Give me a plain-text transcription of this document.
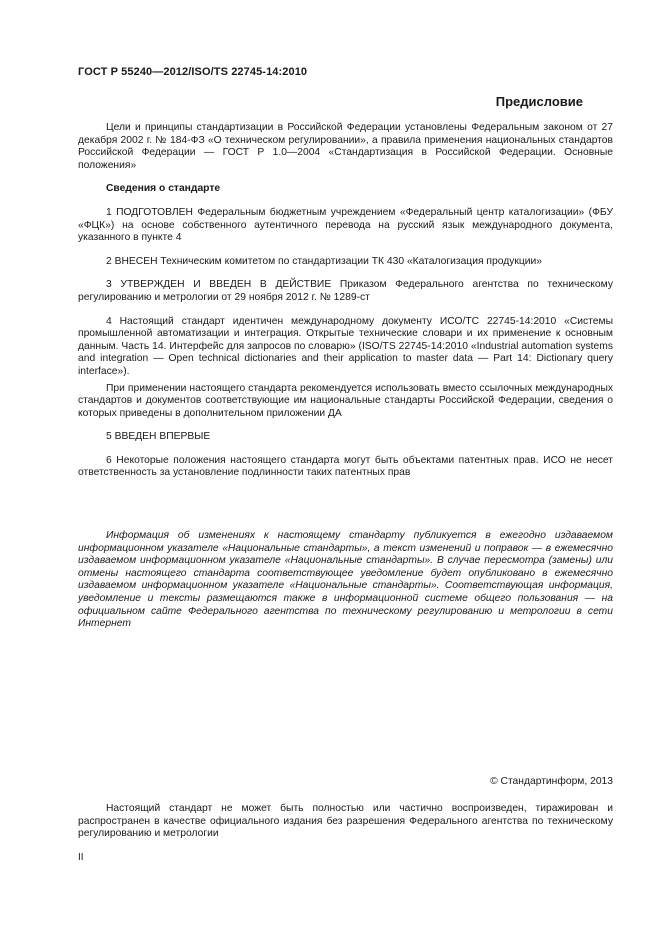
ГОСТ Р 55240—2012/ISO/TS 22745-14:2010
Предисловие

Цели и принципы стандартизации в Российской Федерации установлены Федеральным законом от 27 декабря 2002 г. № 184-ФЗ «О техническом регулировании», а правила применения национальных стандартов Российской Федерации — ГОСТ Р 1.0—2004 «Стандартизация в Российской Федерации. Основные положения»

Сведения о стандарте

1 ПОДГОТОВЛЕН Федеральным бюджетным учреждением «Федеральный центр каталогизации» (ФБУ «ФЦК») на основе собственного аутентичного перевода на русский язык международного документа, указанного в пункте 4

2 ВНЕСЕН Техническим комитетом по стандартизации ТК 430 «Каталогизация продукции»

3 УТВЕРЖДЕН И ВВЕДЕН В ДЕЙСТВИЕ Приказом Федерального агентства по техническому регулированию и метрологии от 29 ноября 2012 г. № 1289-ст

4 Настоящий стандарт идентичен международному документу ИСО/ТС 22745-14:2010 «Системы промышленной автоматизации и интеграция. Открытые технические словари и их применение к основным данным. Часть 14. Интерфейс для запросов по словарю» (ISO/TS 22745-14:2010 «Industrial automation systems and integration — Open technical dictionaries and their application to master data — Part 14: Dictionary query interface»).

При применении настоящего стандарта рекомендуется использовать вместо ссылочных международных стандартов и документов соответствующие им национальные стандарты Российской Федерации, сведения о которых приведены в дополнительном приложении ДА

5 ВВЕДЕН ВПЕРВЫЕ

6 Некоторые положения настоящего стандарта могут быть объектами патентных прав. ИСО не несет ответственность за установление подлинности таких патентных прав

Информация об изменениях к настоящему стандарту публикуется в ежегодно издаваемом информационном указателе «Национальные стандарты», а текст изменений и поправок — в ежемесячно издаваемом информационном указателе «Национальные стандарты». В случае пересмотра (замены) или отмены настоящего стандарта соответствующее уведомление будет опубликовано в ежемесячно издаваемом информационном указателе «Национальные стандарты». Соответствующая информация, уведомление и тексты размещаются также в информационной системе общего пользования — на официальном сайте Федерального агентства по техническому регулированию и метрологии в сети Интернет

© Стандартинформ, 2013

Настоящий стандарт не может быть полностью или частично воспроизведен, тиражирован и распространен в качестве официального издания без разрешения Федерального агентства по техническому регулированию и метрологии

II
